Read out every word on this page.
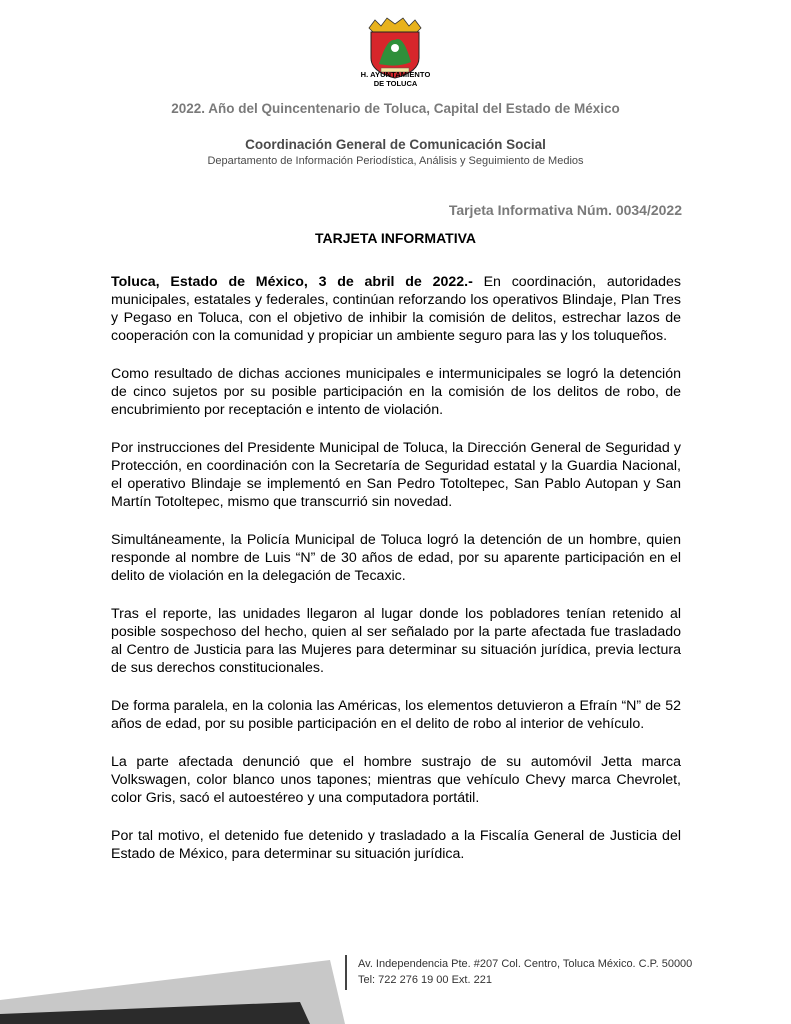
H. AYUNTAMIENTO
DE TOLUCA
2022. Año del Quincentenario de Toluca, Capital del Estado de México
Coordinación General de Comunicación Social
Departamento de Información Periodística, Análisis y Seguimiento de Medios
Tarjeta Informativa Núm. 0034/2022
TARJETA INFORMATIVA

Toluca, Estado de México, 3 de abril de 2022.- En coordinación, autoridades municipales, estatales y federales, continúan reforzando los operativos Blindaje, Plan Tres y Pegaso en Toluca, con el objetivo de inhibir la comisión de delitos, estrechar lazos de cooperación con la comunidad y propiciar un ambiente seguro para las y los toluqueños.

Como resultado de dichas acciones municipales e intermunicipales se logró la detención de cinco sujetos por su posible participación en la comisión de los delitos de robo, de encubrimiento por receptación e intento de violación.

Por instrucciones del Presidente Municipal de Toluca, la Dirección General de Seguridad y Protección, en coordinación con la Secretaría de Seguridad estatal y la Guardia Nacional, el operativo Blindaje se implementó en San Pedro Totoltepec, San Pablo Autopan y San Martín Totoltepec, mismo que transcurrió sin novedad.

Simultáneamente, la Policía Municipal de Toluca logró la detención de un hombre, quien responde al nombre de Luis “N” de 30 años de edad, por su aparente participación en el delito de violación en la delegación de Tecaxic.

Tras el reporte, las unidades llegaron al lugar donde los pobladores tenían retenido al posible sospechoso del hecho, quien al ser señalado por la parte afectada fue trasladado al Centro de Justicia para las Mujeres para determinar su situación jurídica, previa lectura de sus derechos constitucionales.

De forma paralela, en la colonia las Américas, los elementos detuvieron a Efraín “N” de 52 años de edad, por su posible participación en el delito de robo al interior de vehículo.

La parte afectada denunció que el hombre sustrajo de su automóvil Jetta marca Volkswagen, color blanco unos tapones; mientras que vehículo Chevy marca Chevrolet, color Gris, sacó el autoestéreo y una computadora portátil.

Por tal motivo, el detenido fue detenido y trasladado a la Fiscalía General de Justicia del Estado de México, para determinar su situación jurídica.

Av. Independencia Pte. #207 Col. Centro, Toluca México. C.P. 50000
Tel: 722 276 19 00 Ext. 221
